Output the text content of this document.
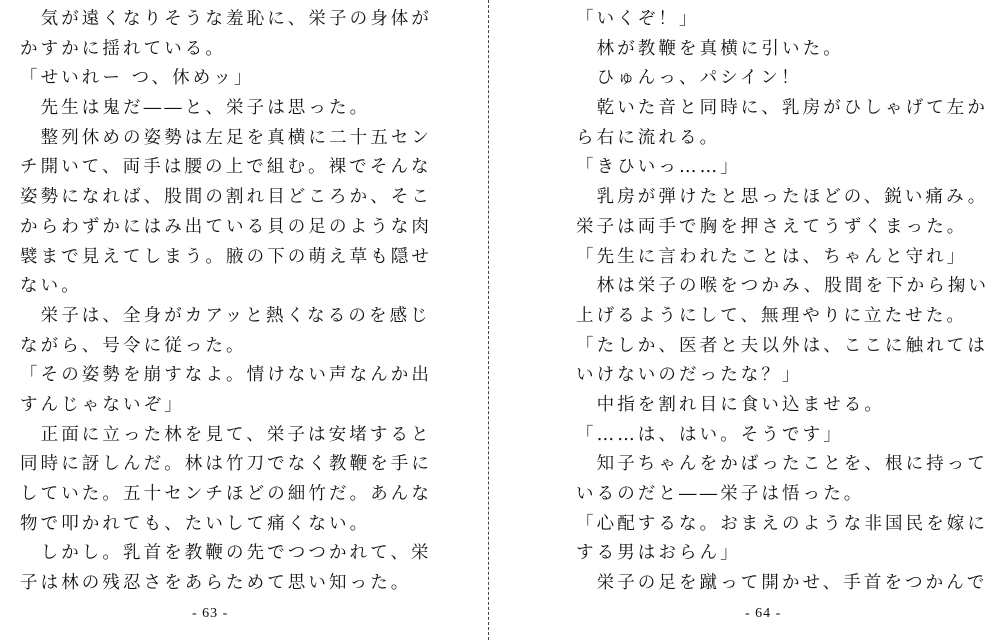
　気が遠くなりそうな羞恥に、栄子の身体が
かすかに揺れている。
「せいれー つ、休めッ」
　先生は鬼だ――と、栄子は思った。
　整列休めの姿勢は左足を真横に二十五セン
チ開いて、両手は腰の上で組む。裸でそんな
姿勢になれば、股間の割れ目どころか、そこ
からわずかにはみ出ている貝の足のような肉
襞まで見えてしまう。腋の下の萌え草も隠せ
ない。
　栄子は、全身がカアッと熱くなるのを感じ
ながら、号令に従った。
「その姿勢を崩すなよ。情けない声なんか出
すんじゃないぞ」
　正面に立った林を見て、栄子は安堵すると
同時に訝しんだ。林は竹刀でなく教鞭を手に
していた。五十センチほどの細竹だ。あんな
物で叩かれても、たいして痛くない。
　しかし。乳首を教鞭の先でつつかれて、栄
子は林の残忍さをあらためて思い知った。
- 63 -
「いくぞ！」
　林が教鞭を真横に引いた。
　ひゅんっ、パシイン！
　乾いた音と同時に、乳房がひしゃげて左か
ら右に流れる。
「きひいっ……」
　乳房が弾けたと思ったほどの、鋭い痛み。
栄子は両手で胸を押さえてうずくまった。
「先生に言われたことは、ちゃんと守れ」
　林は栄子の喉をつかみ、股間を下から掬い
上げるようにして、無理やりに立たせた。
「たしか、医者と夫以外は、ここに触れては
いけないのだったな？」
　中指を割れ目に食い込ませる。
「……は、はい。そうです」
　知子ちゃんをかばったことを、根に持って
いるのだと――栄子は悟った。
「心配するな。おまえのような非国民を嫁に
する男はおらん」
　栄子の足を蹴って開かせ、手首をつかんで
- 64 -
